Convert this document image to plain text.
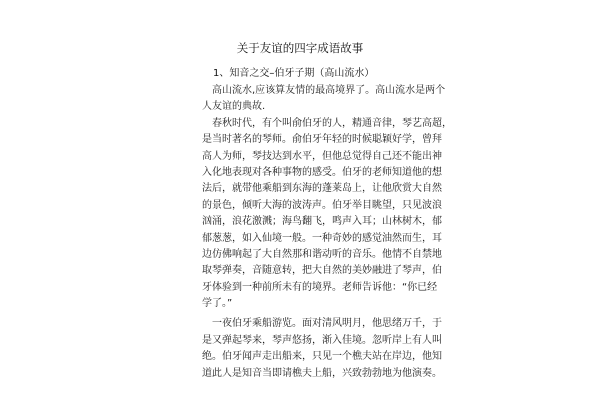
关于友谊的四字成语故事
1、知音之交–伯牙子期（高山流水）
　高山流水,应该算友情的最高境界了。高山流水是两个
人友谊的典故.
　春秋时代，有个叫俞伯牙的人，精通音律，琴艺高超，
是当时著名的琴师。俞伯牙年轻的时候聪颖好学，曾拜
高人为师，琴技达到水平，但他总觉得自己还不能出神
入化地表现对各种事物的感受。伯牙的老师知道他的想
法后，就带他乘船到东海的蓬莱岛上，让他欣赏大自然
的景色，倾听大海的波涛声。伯牙举目眺望，只见波浪
汹涌，浪花激溅；海鸟翻飞，鸣声入耳；山林树木，郁
郁葱葱，如入仙境一般。一种奇妙的感觉油然而生，耳
边仿佛响起了大自然那和谐动听的音乐。他情不自禁地
取琴弹奏，音随意转，把大自然的美妙融进了琴声，伯
牙体验到一种前所未有的境界。老师告诉他：“你已经
学了。”
　一夜伯牙乘船游览。面对清风明月，他思绪万千，于
是又弹起琴来，琴声悠扬，渐入佳境。忽听岸上有人叫
绝。伯牙闻声走出船来，只见一个樵夫站在岸边，他知
道此人是知音当即请樵夫上船，兴致勃勃地为他演奏。
